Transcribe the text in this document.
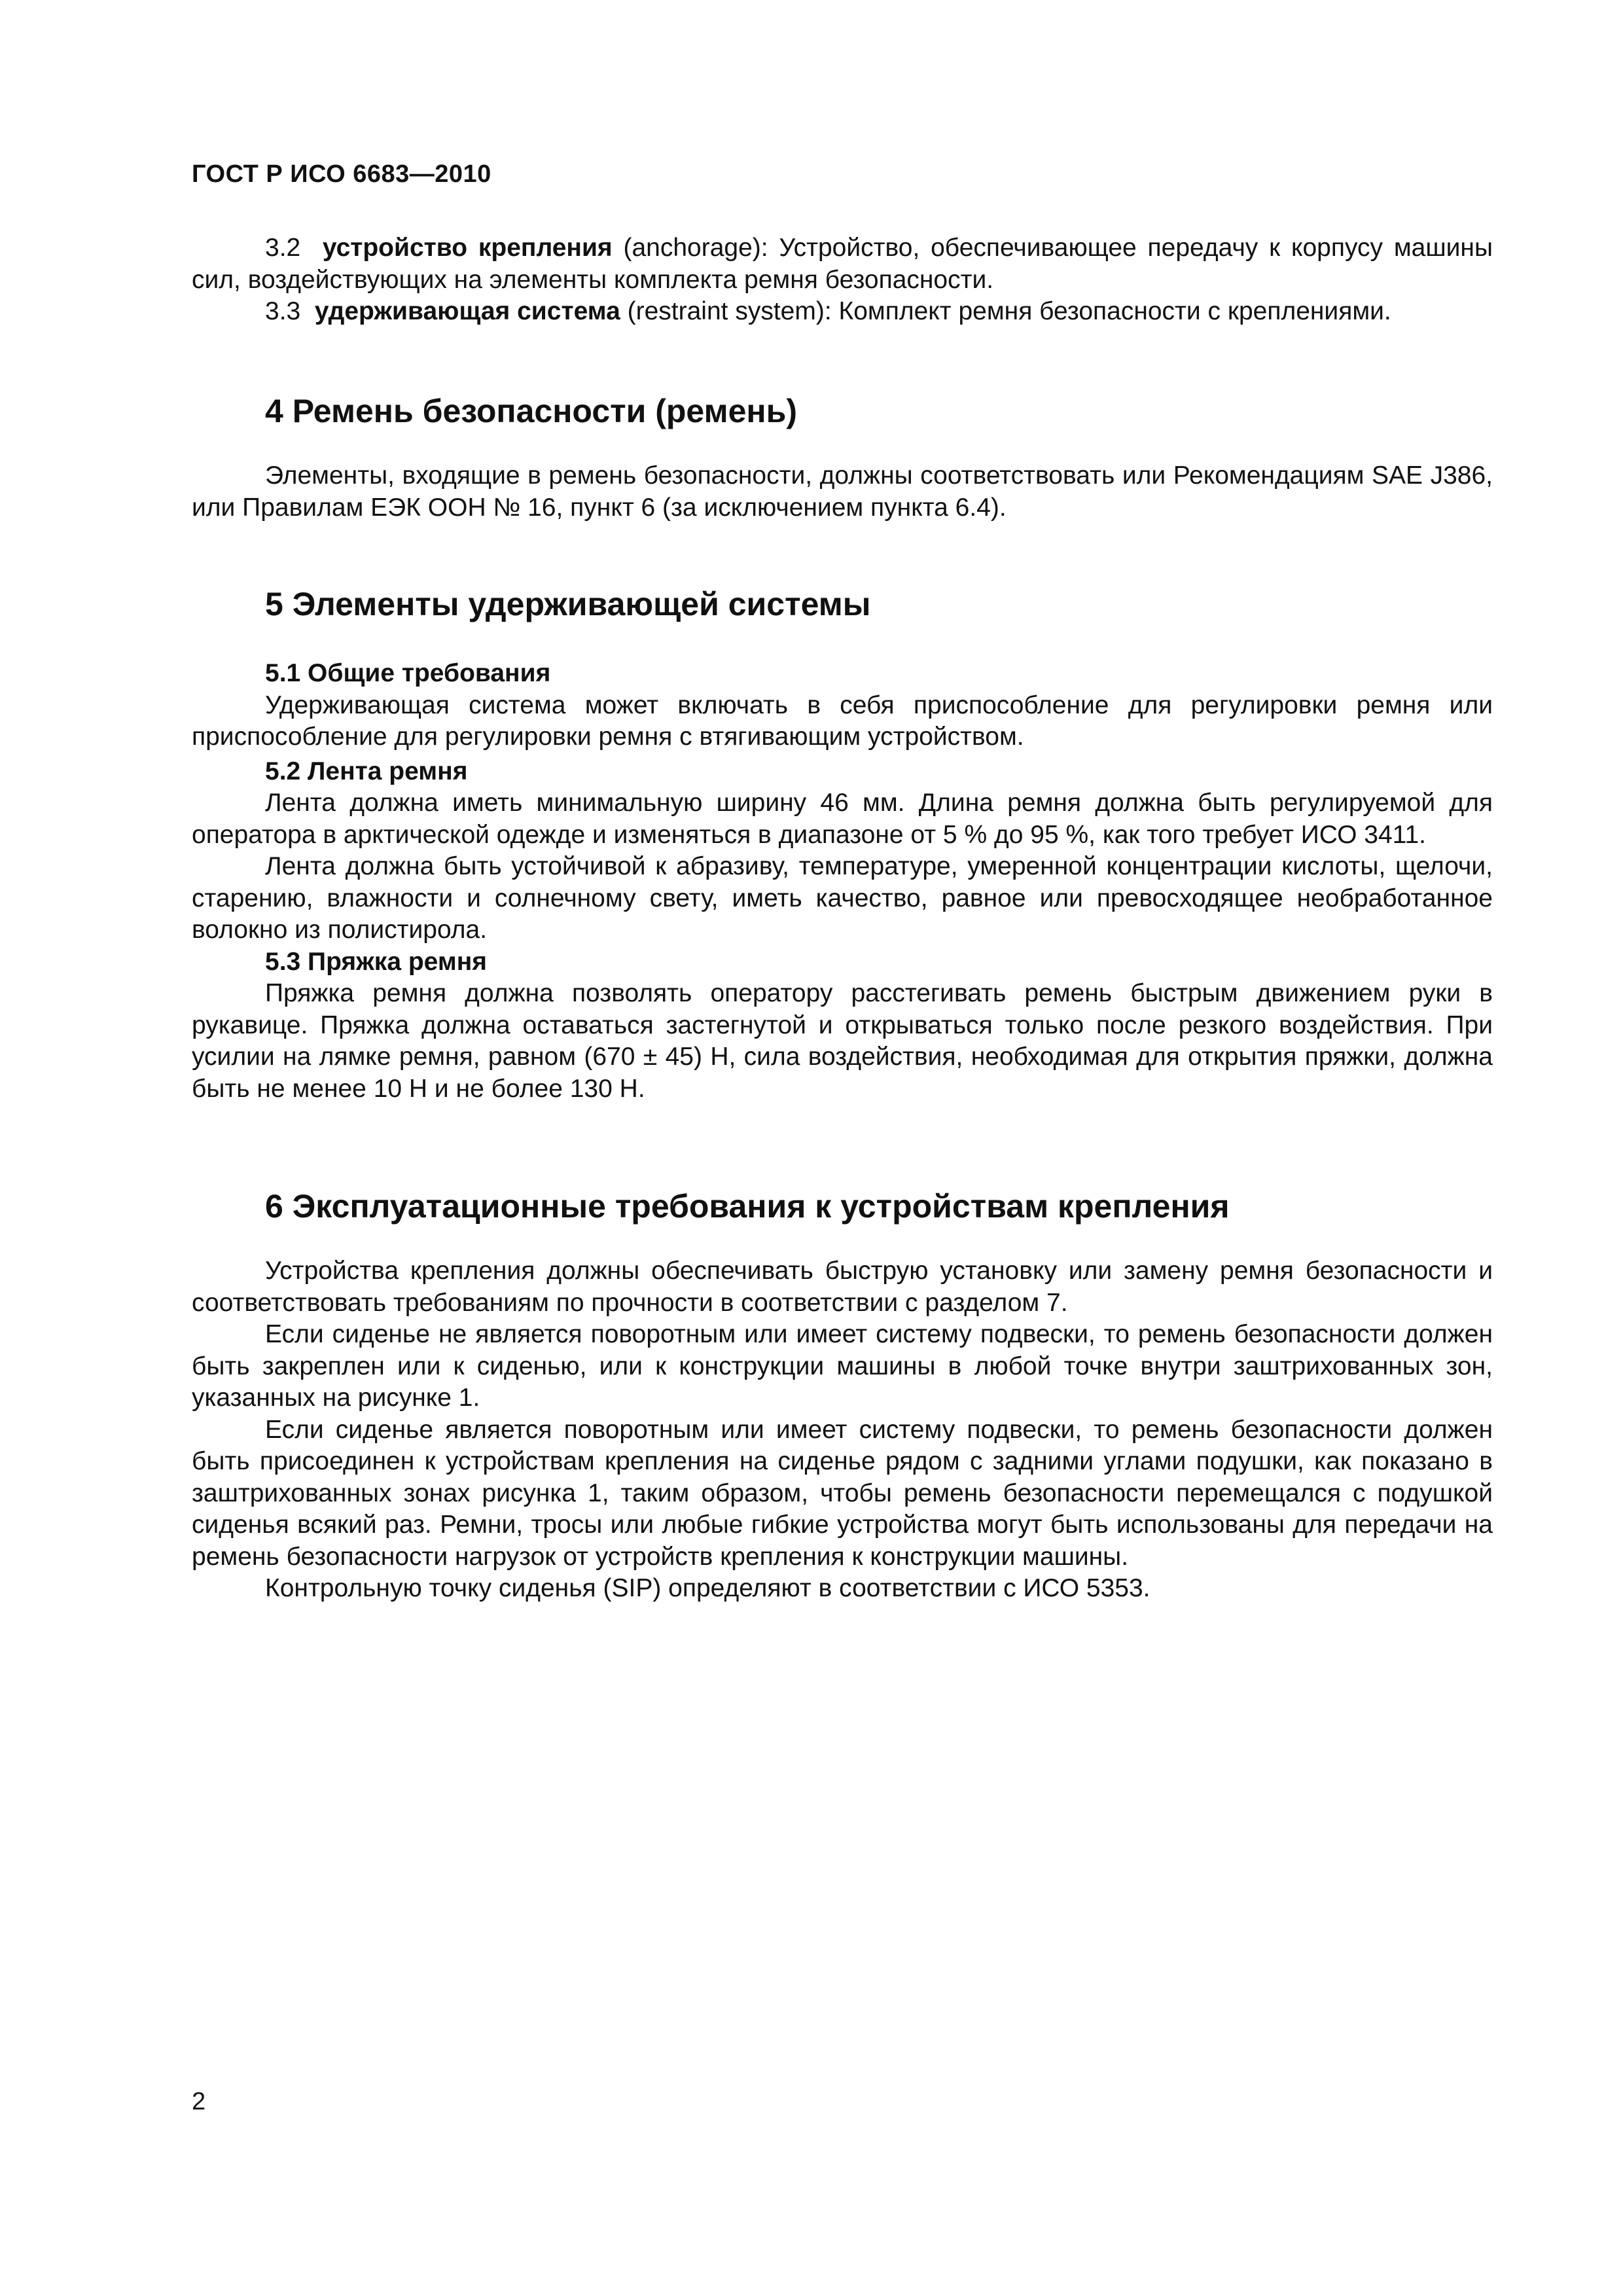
ГОСТ Р ИСО 6683—2010

3.2 устройство крепления (anchorage): Устройство, обеспечивающее передачу к корпусу машины сил, воздействующих на элементы комплекта ремня безопасности.

3.3 удерживающая система (restraint system): Комплект ремня безопасности с креплениями.

4 Ремень безопасности (ремень)

Элементы, входящие в ремень безопасности, должны соответствовать или Рекомендациям SAE J386, или Правилам ЕЭК ООН № 16, пункт 6 (за исключением пункта 6.4).

5 Элементы удерживающей системы
5.1 Общие требования

Удерживающая система может включать в себя приспособление для регулировки ремня или приспособление для регулировки ремня с втягивающим устройством.

5.2 Лента ремня

Лента должна иметь минимальную ширину 46 мм. Длина ремня должна быть регулируемой для оператора в арктической одежде и изменяться в диапазоне от 5 % до 95 %, как того требует ИСО 3411.

Лента должна быть устойчивой к абразиву, температуре, умеренной концентрации кислоты, щелочи, старению, влажности и солнечному свету, иметь качество, равное или превосходящее необработанное волокно из полистирола.

5.3 Пряжка ремня

Пряжка ремня должна позволять оператору расстегивать ремень быстрым движением руки в рукавице. Пряжка должна оставаться застегнутой и открываться только после резкого воздействия. При усилии на лямке ремня, равном (670 ± 45) Н, сила воздействия, необходимая для открытия пряжки, должна быть не менее 10 Н и не более 130 Н.

6 Эксплуатационные требования к устройствам крепления

Устройства крепления должны обеспечивать быструю установку или замену ремня безопасности и соответствовать требованиям по прочности в соответствии с разделом 7.

Если сиденье не является поворотным или имеет систему подвески, то ремень безопасности должен быть закреплен или к сиденью, или к конструкции машины в любой точке внутри заштрихованных зон, указанных на рисунке 1.

Если сиденье является поворотным или имеет систему подвески, то ремень безопасности должен быть присоединен к устройствам крепления на сиденье рядом с задними углами подушки, как показано в заштрихованных зонах рисунка 1, таким образом, чтобы ремень безопасности перемещался с подушкой сиденья всякий раз. Ремни, тросы или любые гибкие устройства могут быть использованы для передачи на ремень безопасности нагрузок от устройств крепления к конструкции машины.

Контрольную точку сиденья (SIP) определяют в соответствии с ИСО 5353.

2
